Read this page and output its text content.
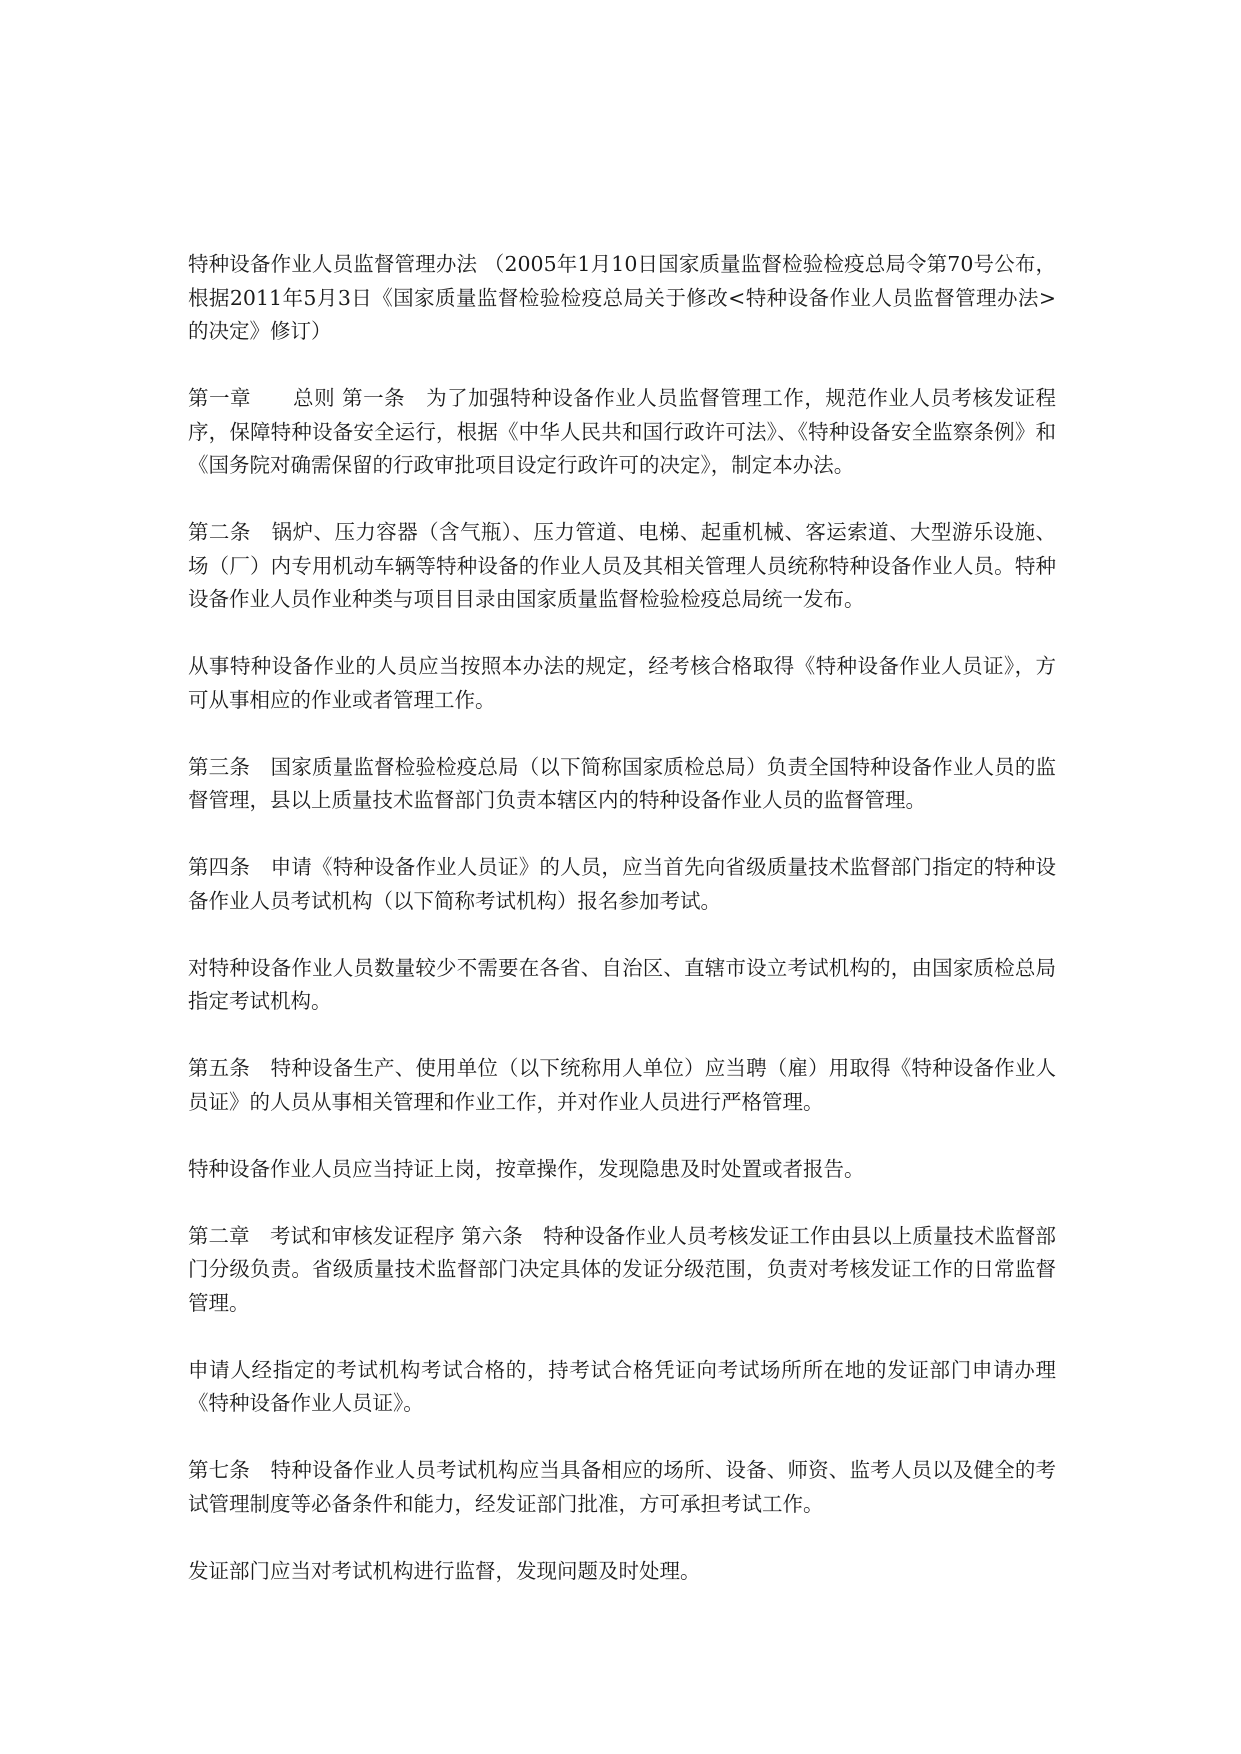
特种设备作业人员监督管理办法 （2005年1月10日国家质量监督检验检疫总局令第70号公布，根据2011年5月3日《国家质量监督检验检疫总局关于修改<特种设备作业人员监督管理办法>的决定》修订）

第一章　　总则 第一条　为了加强特种设备作业人员监督管理工作，规范作业人员考核发证程序，保障特种设备安全运行，根据《中华人民共和国行政许可法》、《特种设备安全监察条例》和《国务院对确需保留的行政审批项目设定行政许可的决定》，制定本办法。

第二条　锅炉、压力容器（含气瓶）、压力管道、电梯、起重机械、客运索道、大型游乐设施、场（厂）内专用机动车辆等特种设备的作业人员及其相关管理人员统称特种设备作业人员。特种设备作业人员作业种类与项目目录由国家质量监督检验检疫总局统一发布。

从事特种设备作业的人员应当按照本办法的规定，经考核合格取得《特种设备作业人员证》，方可从事相应的作业或者管理工作。

第三条　国家质量监督检验检疫总局（以下简称国家质检总局）负责全国特种设备作业人员的监督管理，县以上质量技术监督部门负责本辖区内的特种设备作业人员的监督管理。

第四条　申请《特种设备作业人员证》的人员，应当首先向省级质量技术监督部门指定的特种设备作业人员考试机构（以下简称考试机构）报名参加考试。

对特种设备作业人员数量较少不需要在各省、自治区、直辖市设立考试机构的，由国家质检总局指定考试机构。

第五条　特种设备生产、使用单位（以下统称用人单位）应当聘（雇）用取得《特种设备作业人员证》的人员从事相关管理和作业工作，并对作业人员进行严格管理。

特种设备作业人员应当持证上岗，按章操作，发现隐患及时处置或者报告。

第二章　考试和审核发证程序 第六条　特种设备作业人员考核发证工作由县以上质量技术监督部门分级负责。省级质量技术监督部门决定具体的发证分级范围，负责对考核发证工作的日常监督管理。

申请人经指定的考试机构考试合格的，持考试合格凭证向考试场所所在地的发证部门申请办理《特种设备作业人员证》。

第七条　特种设备作业人员考试机构应当具备相应的场所、设备、师资、监考人员以及健全的考试管理制度等必备条件和能力，经发证部门批准，方可承担考试工作。

发证部门应当对考试机构进行监督，发现问题及时处理。
